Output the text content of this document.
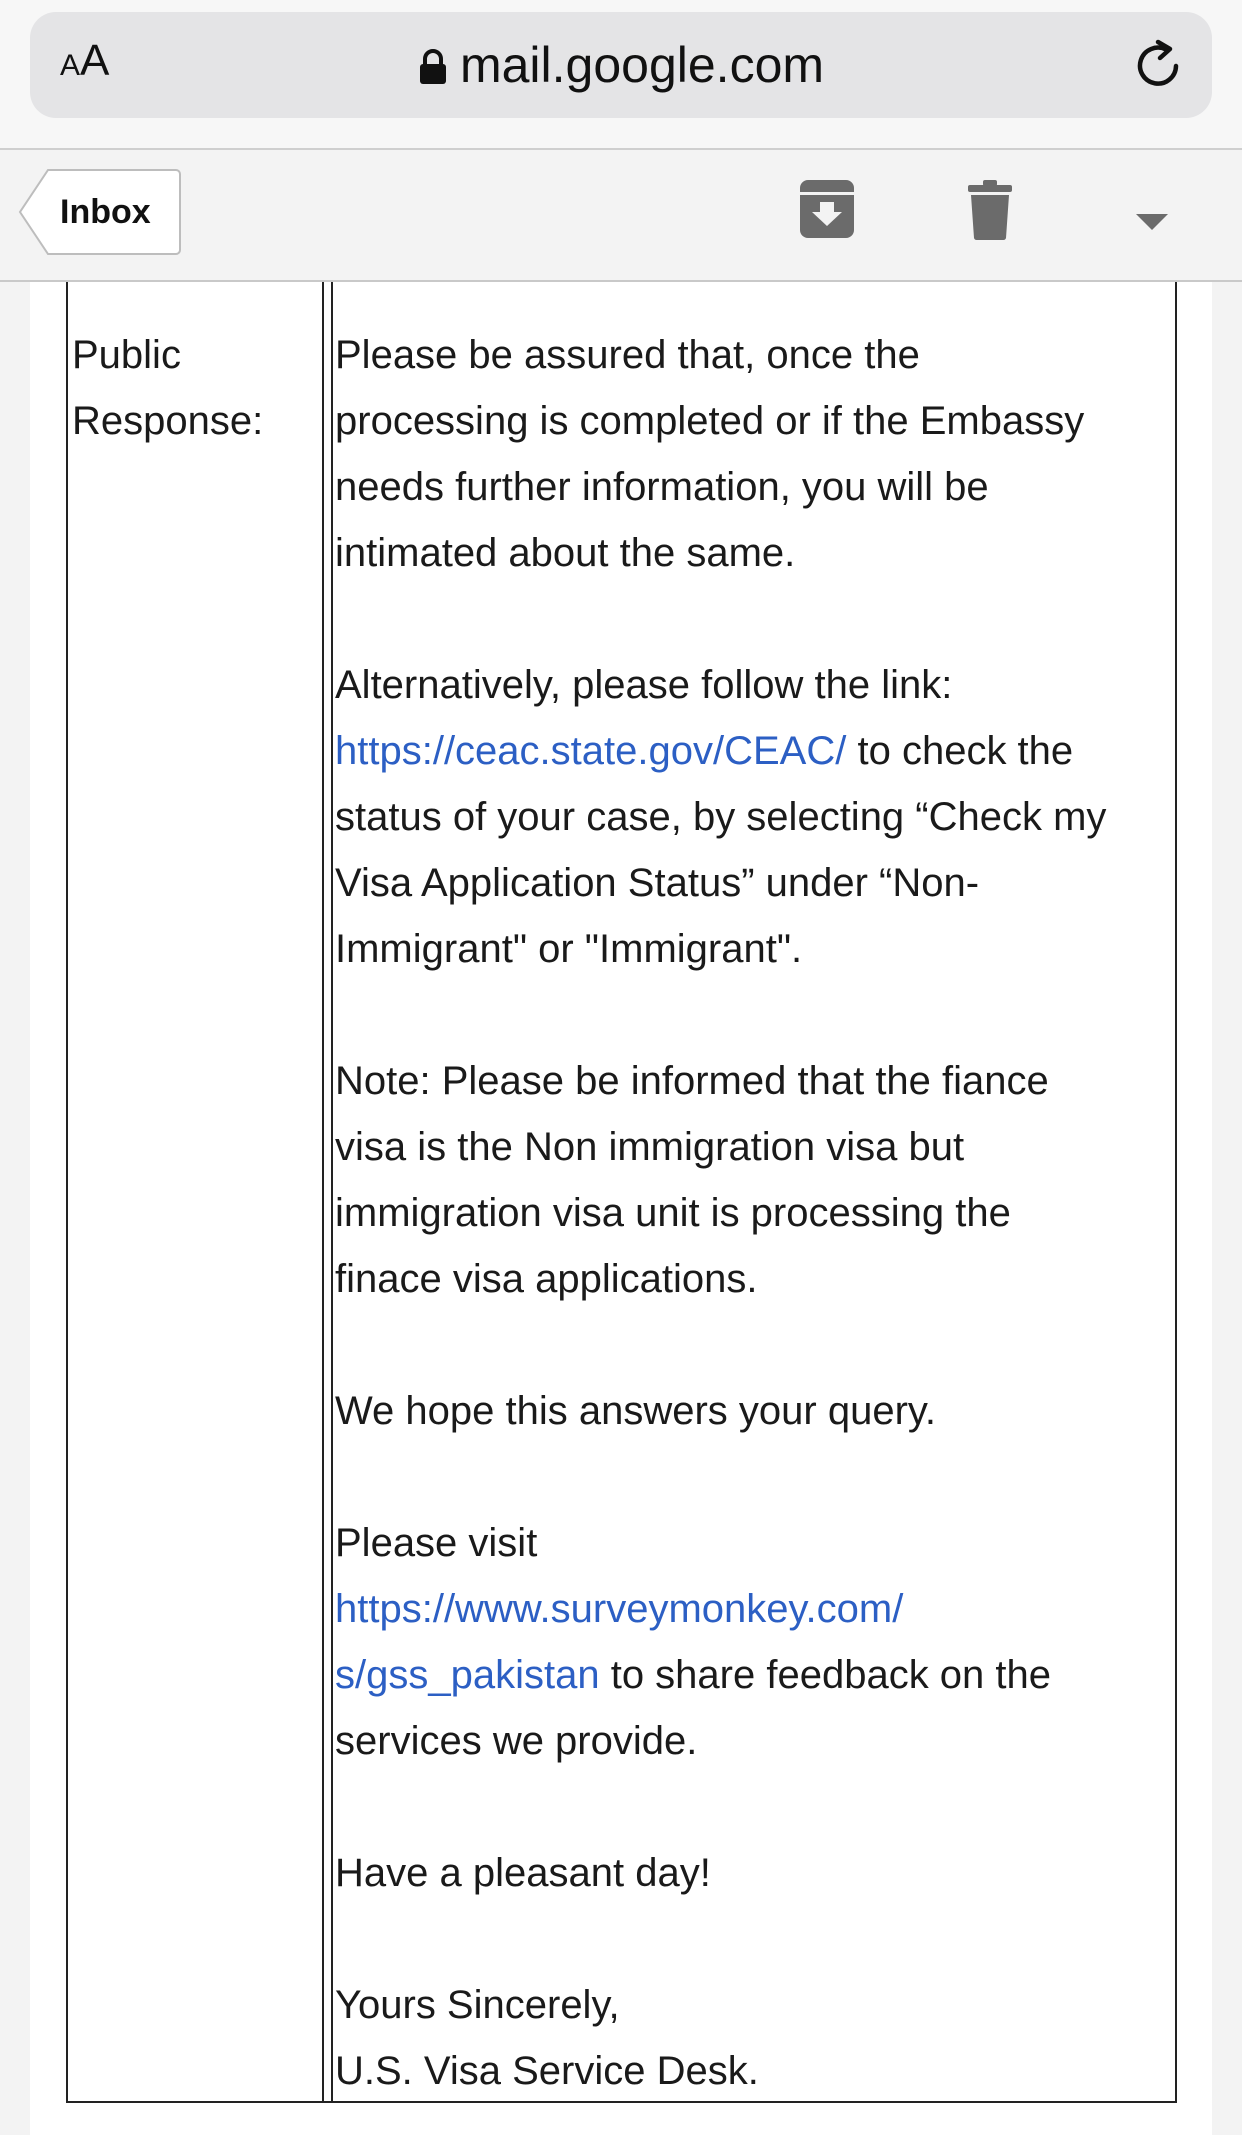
A A	mail.google.com
Inbox
Public
Response:
Please be assured that, once the
processing is completed or if the Embassy
needs further information, you will be
intimated about the same.
Alternatively, please follow the link:
https://ceac.state.gov/CEAC/ to check the
status of your case, by selecting “Check my
Visa Application Status” under “Non-
Immigrant" or "Immigrant".
Note: Please be informed that the fiance
visa is the Non immigration visa but
immigration visa unit is processing the
finace visa applications.
We hope this answers your query.
Please visit
https://www.surveymonkey.com/
s/gss_pakistan to share feedback on the
services we provide.
Have a pleasant day!
Yours Sincerely,
U.S. Visa Service Desk.
